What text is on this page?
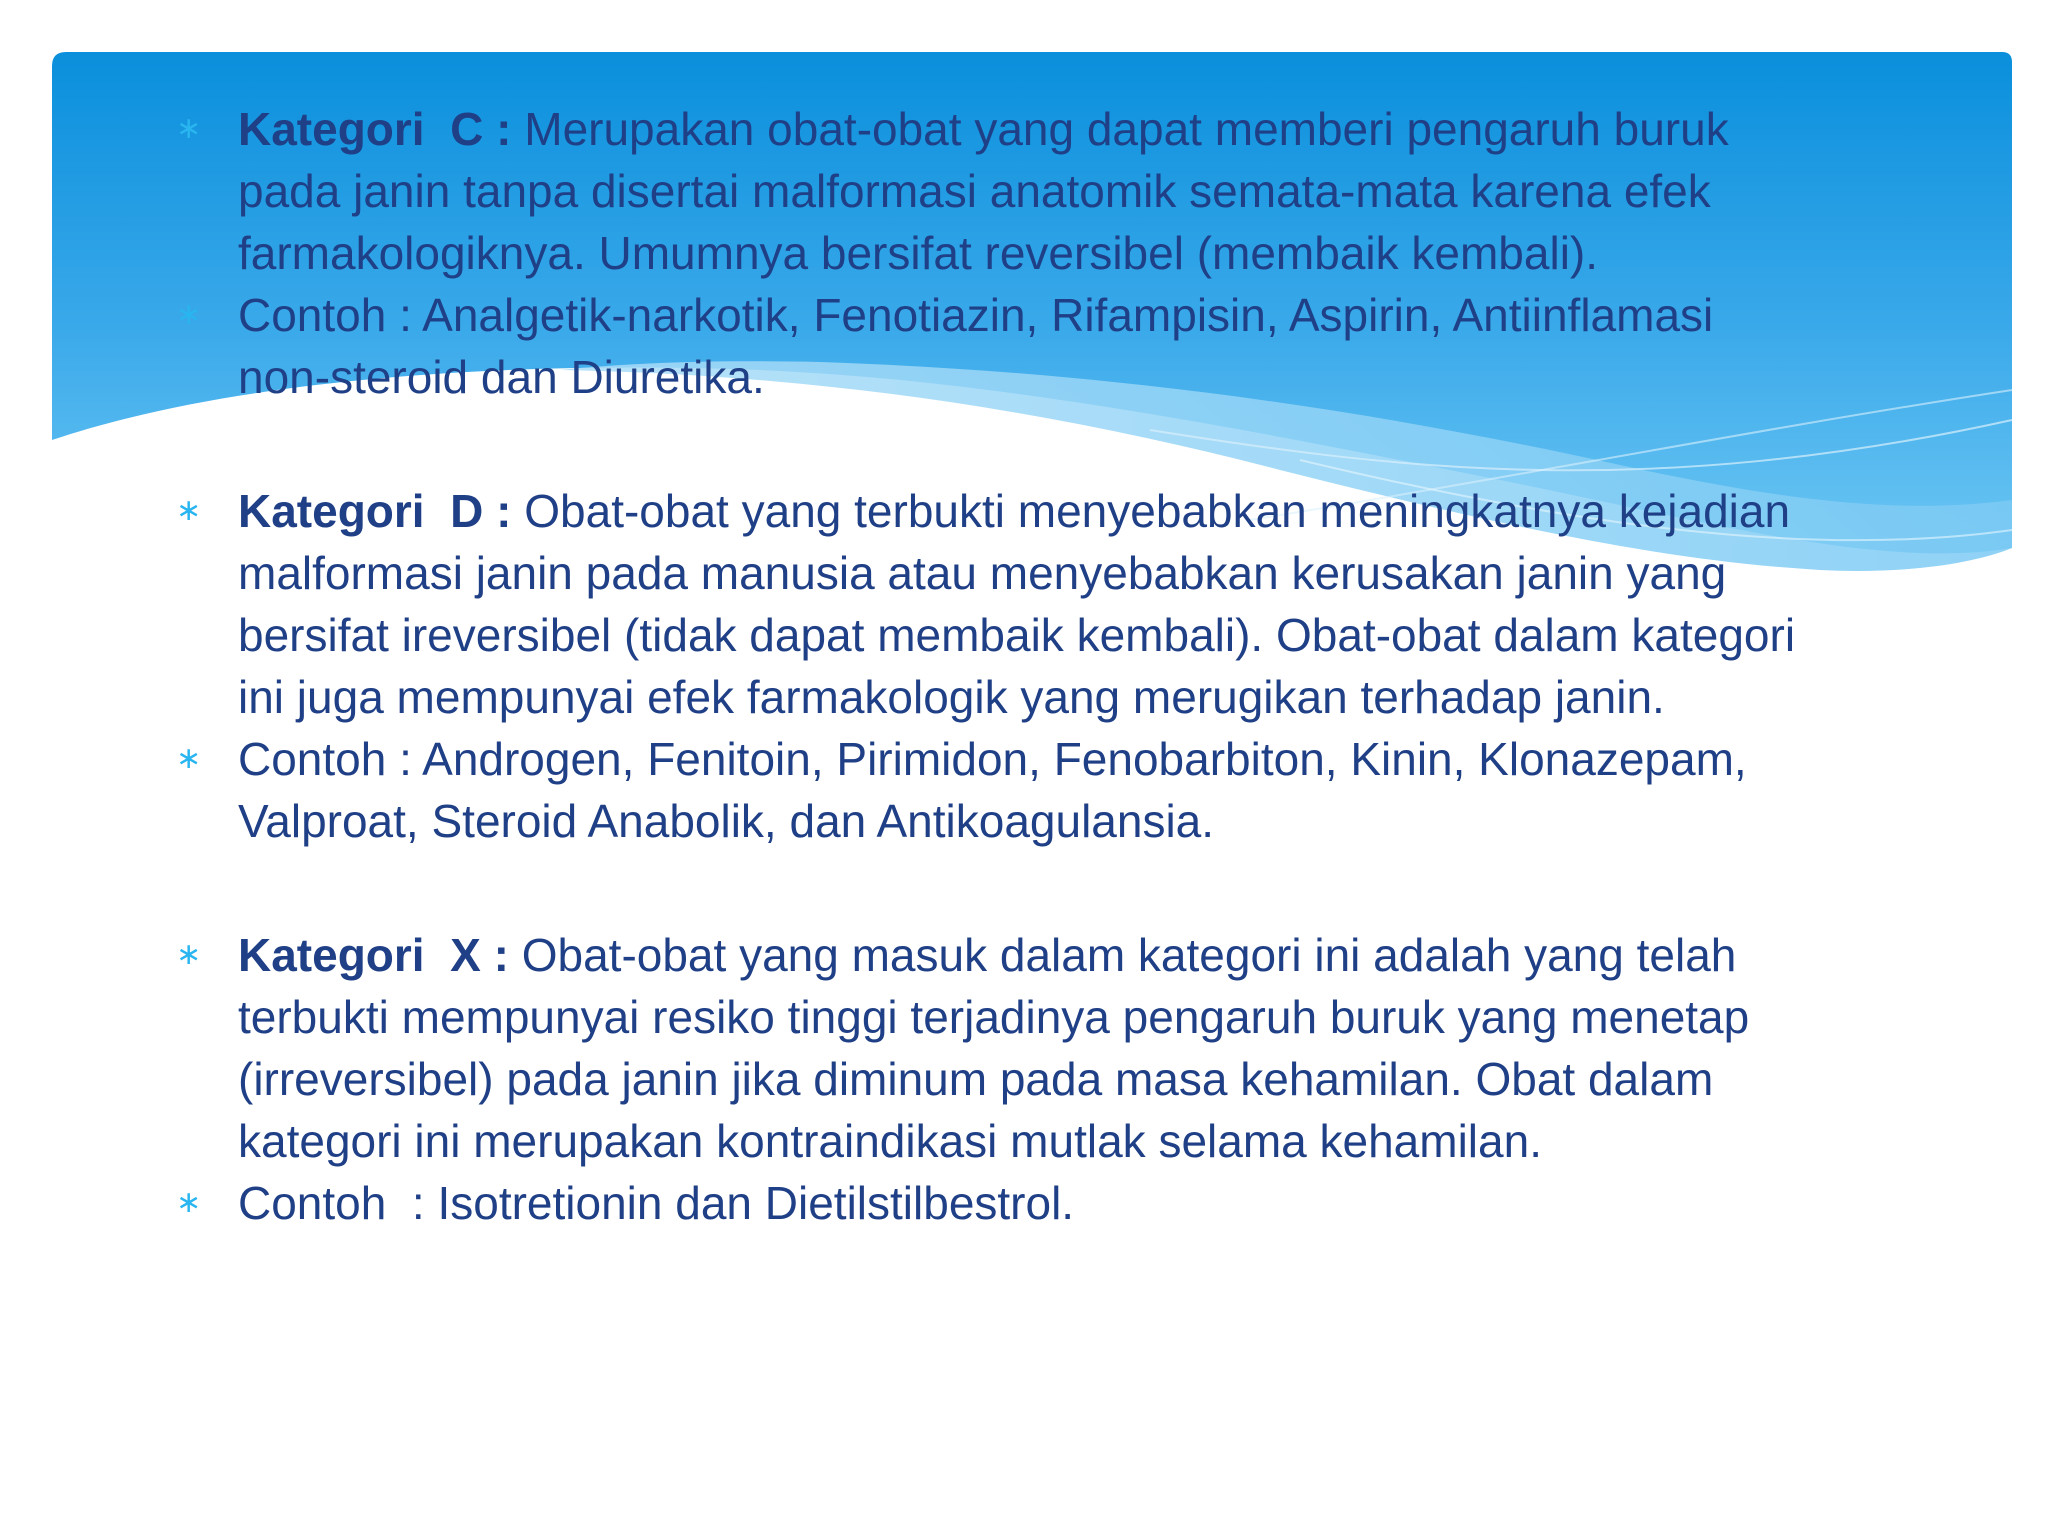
∗ Kategori  C : Merupakan obat-obat yang dapat memberi pengaruh buruk pada janin tanpa disertai malformasi anatomik semata-mata karena efek farmakologiknya. Umumnya bersifat reversibel (membaik kembali).
∗ Contoh : Analgetik-narkotik, Fenotiazin, Rifampisin, Aspirin, Antiinflamasi non-steroid dan Diuretika.
∗ Kategori  D : Obat-obat yang terbukti menyebabkan meningkatnya kejadian malformasi janin pada manusia atau menyebabkan kerusakan janin yang bersifat ireversibel (tidak dapat membaik kembali). Obat-obat dalam kategori ini juga mempunyai efek farmakologik yang merugikan terhadap janin.
∗ Contoh : Androgen, Fenitoin, Pirimidon, Fenobarbiton, Kinin, Klonazepam, Valproat, Steroid Anabolik, dan Antikoagulansia.
∗ Kategori  X : Obat-obat yang masuk dalam kategori ini adalah yang telah terbukti mempunyai resiko tinggi terjadinya pengaruh buruk yang menetap (irreversibel) pada janin jika diminum pada masa kehamilan. Obat dalam kategori ini merupakan kontraindikasi mutlak selama kehamilan.
∗ Contoh  : Isotretionin dan Dietilstilbestrol.
